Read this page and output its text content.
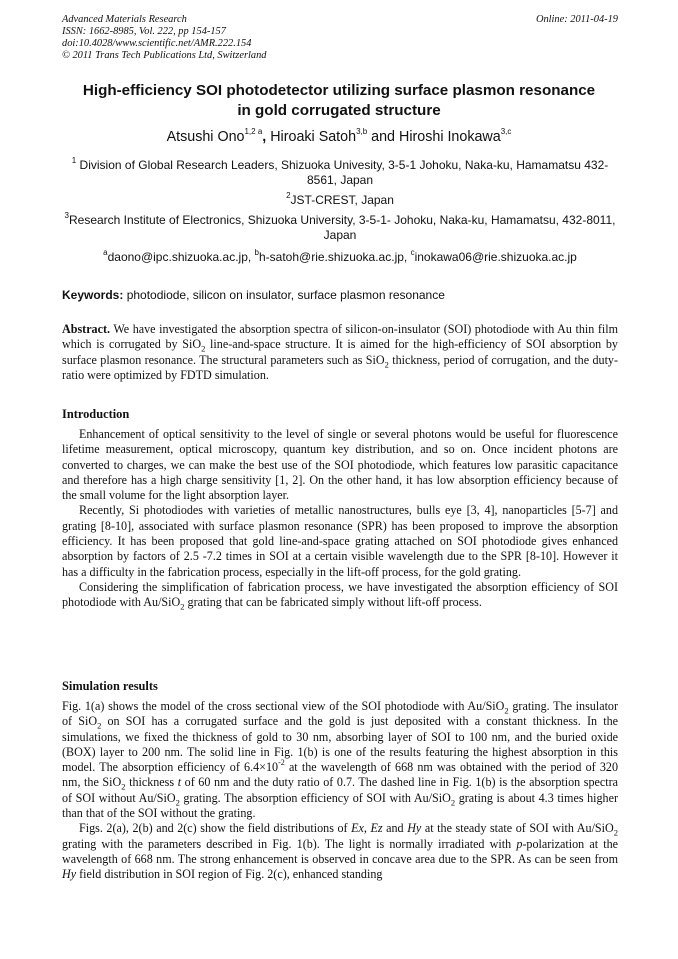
Advanced Materials Research
ISSN: 1662-8985, Vol. 222, pp 154-157
doi:10.4028/www.scientific.net/AMR.222.154
© 2011 Trans Tech Publications Ltd, Switzerland
Online: 2011-04-19
High-efficiency SOI photodetector utilizing surface plasmon resonance
in gold corrugated structure
Atsushi Ono$^{1,2 a}$, Hiroaki Satoh$^{3,b}$ and Hiroshi Inokawa$^{3,c}$
$^1$ Division of Global Research Leaders, Shizuoka Univesity, 3-5-1 Johoku, Naka-ku, Hamamatsu 432-8561, Japan
$^2$JST-CREST, Japan
$^3$Research Institute of Electronics, Shizuoka University, 3-5-1- Johoku, Naka-ku, Hamamatsu, 432-8011, Japan
$^a$daono@ipc.shizuoka.ac.jp, $^b$h-satoh@rie.shizuoka.ac.jp, $^c$inokawa06@rie.shizuoka.ac.jp
Keywords: photodiode, silicon on insulator, surface plasmon resonance

Abstract. We have investigated the absorption spectra of silicon-on-insulator (SOI) photodiode with Au thin film which is corrugated by SiO$_2$ line-and-space structure. It is aimed for the high-efficiency of SOI absorption by surface plasmon resonance. The structural parameters such as SiO$_2$ thickness, period of corrugation, and the duty-ratio were optimized by FDTD simulation.

Introduction

Enhancement of optical sensitivity to the level of single or several photons would be useful for fluorescence lifetime measurement, optical microscopy, quantum key distribution, and so on. Once incident photons are converted to charges, we can make the best use of the SOI photodiode, which features low parasitic capacitance and therefore has a high charge sensitivity [1, 2]. On the other hand, it has low absorption efficiency because of the small volume for the light absorption layer.

Recently, Si photodiodes with varieties of metallic nanostructures, bulls eye [3, 4], nanoparticles [5-7] and grating [8-10], associated with surface plasmon resonance (SPR) has been proposed to improve the absorption efficiency. It has been proposed that gold line-and-space grating attached on SOI photodiode gives enhanced absorption by factors of 2.5 -7.2 times in SOI at a certain visible wavelength due to the SPR [8-10]. However it has a difficulty in the fabrication process, especially in the lift-off process, for the gold grating.

Considering the simplification of fabrication process, we have investigated the absorption efficiency of SOI photodiode with Au/SiO$_2$ grating that can be fabricated simply without lift-off process.

Simulation results

Fig. 1(a) shows the model of the cross sectional view of the SOI photodiode with Au/SiO$_2$ grating. The insulator of SiO$_2$ on SOI has a corrugated surface and the gold is just deposited with a constant thickness. In the simulations, we fixed the thickness of gold to 30 nm, absorbing layer of SOI to 100 nm, and the buried oxide (BOX) layer to 200 nm. The solid line in Fig. 1(b) is one of the results featuring the highest absorption in this model. The absorption efficiency of $6.4\times 10^{-2}$ at the wavelength of 668 nm was obtained with the period of 320 nm, the SiO$_2$ thickness t of 60 nm and the duty ratio of 0.7. The dashed line in Fig. 1(b) is the absorption spectra of SOI without Au/SiO$_2$ grating. The absorption efficiency of SOI with Au/SiO$_2$ grating is about 4.3 times higher than that of the SOI without the grating.

Figs. 2(a), 2(b) and 2(c) show the field distributions of Ex, Ez and Hy at the steady state of SOI with Au/SiO$_2$ grating with the parameters described in Fig. 1(b). The light is normally irradiated with p-polarization at the wavelength of 668 nm. The strong enhancement is observed in concave area due to the SPR. As can be seen from Hy field distribution in SOI region of Fig. 2(c), enhanced standing
